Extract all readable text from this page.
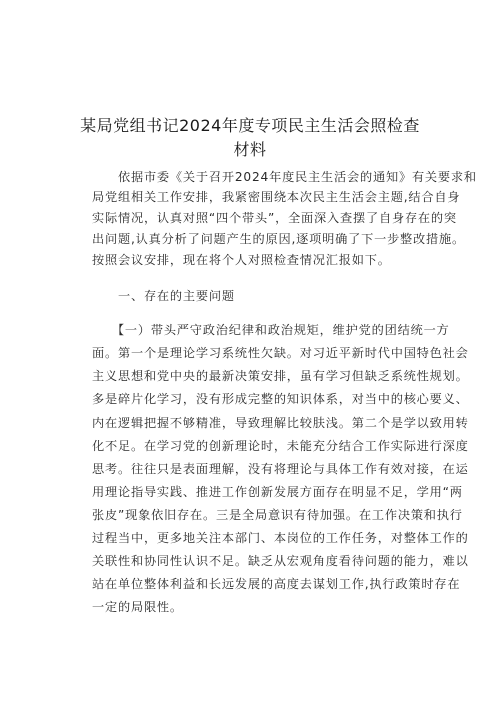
某局党组书记2024年度专项民主生活会照检查
材料
　　依据市委《关于召开2024年度民主生活会的通知》有关要求和
局党组相关工作安排，我紧密围绕本次民主生活会主题,结合自身
实际情况，认真对照“四个带头”，全面深入查摆了自身存在的突
出问题,认真分析了问题产生的原因,逐项明确了下一步整改措施。
按照会议安排，现在将个人对照检查情况汇报如下。
　　一、存在的主要问题
　　【一）带头严守政治纪律和政治规矩，维护党的团结统一方
面。第一个是理论学习系统性欠缺。对习近平新时代中国特色社会
主义思想和党中央的最新决策安排，虽有学习但缺乏系统性规划。
多是碎片化学习，没有形成完整的知识体系，对当中的核心要义、
内在逻辑把握不够精准，导致理解比较肤浅。第二个是学以致用转
化不足。在学习党的创新理论时，未能充分结合工作实际进行深度
思考。往往只是表面理解，没有将理论与具体工作有效对接，在运
用理论指导实践、推进工作创新发展方面存在明显不足，学用“两
张皮”现象依旧存在。三是全局意识有待加强。在工作决策和执行
过程当中，更多地关注本部门、本岗位的工作任务，对整体工作的
关联性和协同性认识不足。缺乏从宏观角度看待问题的能力，难以
站在单位整体利益和长远发展的高度去谋划工作,执行政策时存在
一定的局限性。
